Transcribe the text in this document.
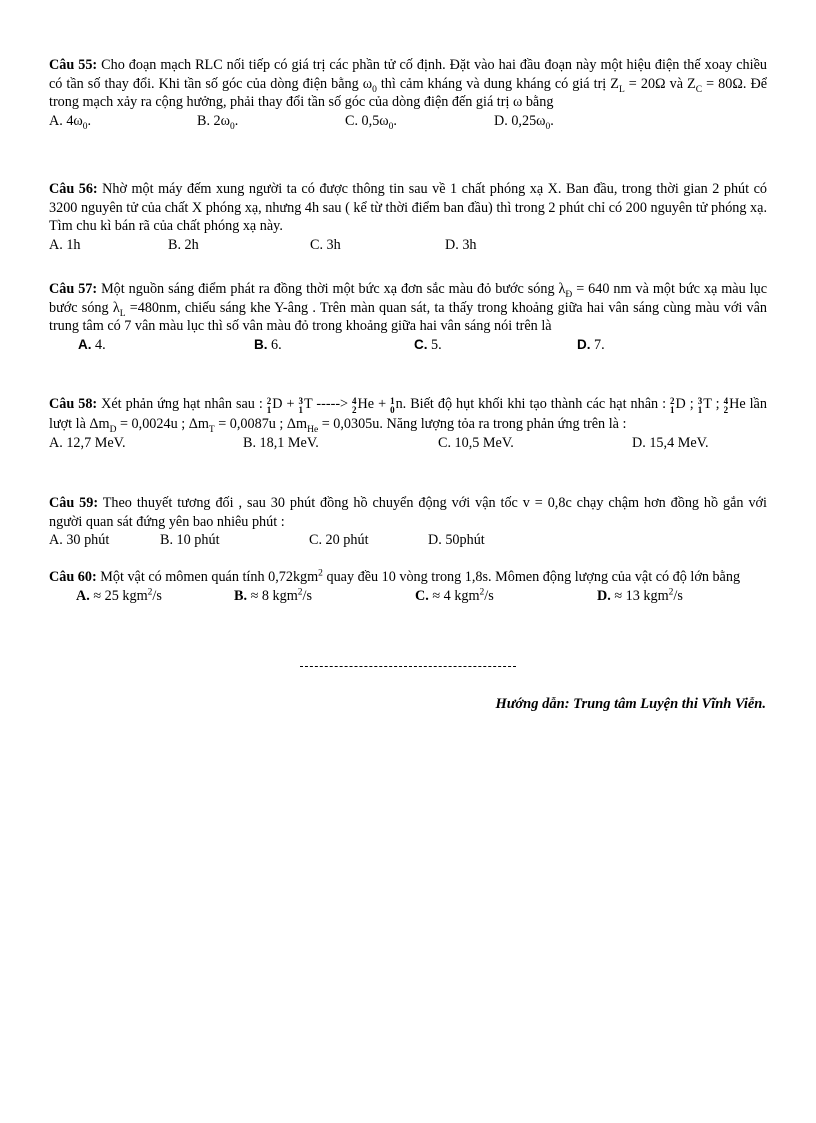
Câu 55: Cho đoạn mạch RLC nối tiếp có giá trị các phần tử cố định. Đặt vào hai đầu đoạn này một hiệu điện thế xoay chiều có tần số thay đổi. Khi tần số góc của dòng điện bằng $\omega_0$ thì cảm kháng và dung kháng có giá trị $Z_L = 20\Omega$ và $Z_C = 80\Omega$. Để trong mạch xảy ra cộng hưởng, phải thay đổi tần số góc của dòng điện đến giá trị ω bằng

A. $4\omega_0$.	B. $2\omega_0$.	C. $0,5\omega_0$.	D. $0,25\omega_0$.

Câu 56: Nhờ một máy đếm xung người ta có được thông tin sau về 1 chất phóng xạ X. Ban đầu, trong thời gian 2 phút có 3200 nguyên tử của chất X phóng xạ, nhưng 4h sau ( kể từ thời điểm ban đầu) thì trong 2 phút chỉ có 200 nguyên tử phóng xạ. Tìm chu kì bán rã của chất phóng xạ này.

A. 1h	B. 2h	C. 3h	D. 3h

Câu 57: Một nguồn sáng điểm phát ra đồng thời một bức xạ đơn sắc màu đỏ bước sóng $\lambda_Đ = 640$ nm và một bức xạ màu lục bước sóng $\lambda_L =480nm$, chiếu sáng khe Y-âng . Trên màn quan sát, ta thấy trong khoảng giữa hai vân sáng cùng màu với vân trung tâm có 7 vân màu lục thì số vân màu đỏ trong khoảng giữa hai vân sáng nói trên là

A. 4.	B. 6.	C. 5.	D. 7.

Câu 58: Xét phản ứng hạt nhân sau : 2
1 D + 3
1 T -----> 4
2 He + 1
0 n. Biết độ hụt khối khi tạo thành các hạt nhân : 2
1 D ; 3
1 T ; 4
2 He lần lượt là $\Delta m_D = 0,0024u$ ; $\Delta m_T = 0,0087u$ ; $\Delta m_{He} = 0,0305u$. Năng lượng tỏa ra trong phản ứng trên là :

A. 12,7 MeV.	B. 18,1 MeV.	C. 10,5 MeV.	D. 15,4 MeV.

Câu 59: Theo thuyết tương đối , sau 30 phút đồng hồ chuyển động với vận tốc v = 0,8c chạy chậm hơn đồng hồ gắn với người quan sát đứng yên bao nhiêu phút :

A. 30 phút	B. 10 phút	C. 20 phút	D. 50phút

Câu 60: Một vật có mômen quán tính 0,72kgm$^2$ quay đều 10 vòng trong 1,8s. Mômen động lượng của vật có độ lớn bằng

A. ≈ 25 kgm$^2$/s	B. ≈ 8 kgm$^2$/s	C. ≈ 4 kgm$^2$/s	D. ≈ 13 kgm$^2$/s
Hướng dẫn: Trung tâm Luyện thi Vĩnh Viễn.
